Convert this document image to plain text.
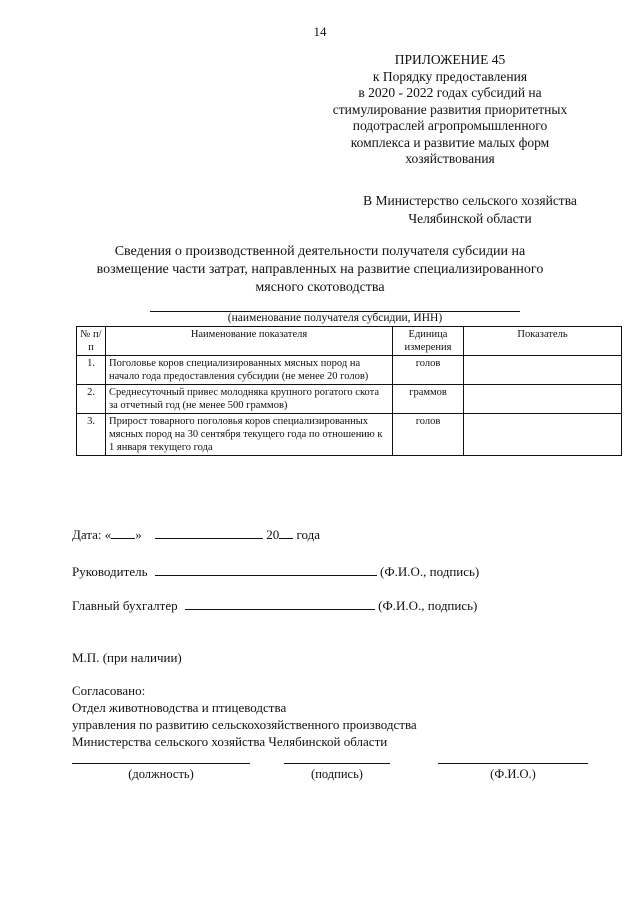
14
ПРИЛОЖЕНИЕ 45
к Порядку предоставления
в 2020 - 2022 годах субсидий на
стимулирование развития приоритетных
подотраслей агропромышленного
комплекса и развитие малых форм
хозяйствования
В Министерство сельского хозяйства
Челябинской области
Сведения о производственной деятельности получателя субсидии на
возмещение части затрат, направленных на развитие специализированного
мясного скотоводства
(наименование получателя субсидии, ИНН)
№ п/п	Наименование показателя	Единица измерения	Показатель
1.	Поголовье коров специализированных мясных пород на начало года предоставления субсидии (не менее 20 голов)	голов	
2.	Среднесуточный привес молодняка крупного рогатого скота за отчетный год (не менее 500 граммов)	граммов	
3.	Прирост товарного поголовья коров специализированных мясных пород на 30 сентября текущего года по отношению к 1 января текущего года	голов	
Дата: « »	20 года
Руководитель	(Ф.И.О., подпись)
Главный бухгалтер	(Ф.И.О., подпись)
М.П. (при наличии)
Согласовано:
Отдел животноводства и птицеводства
управления по развитию сельскохозяйственного производства
Министерства сельского хозяйства Челябинской области
(должность)	(подпись)	(Ф.И.О.)
